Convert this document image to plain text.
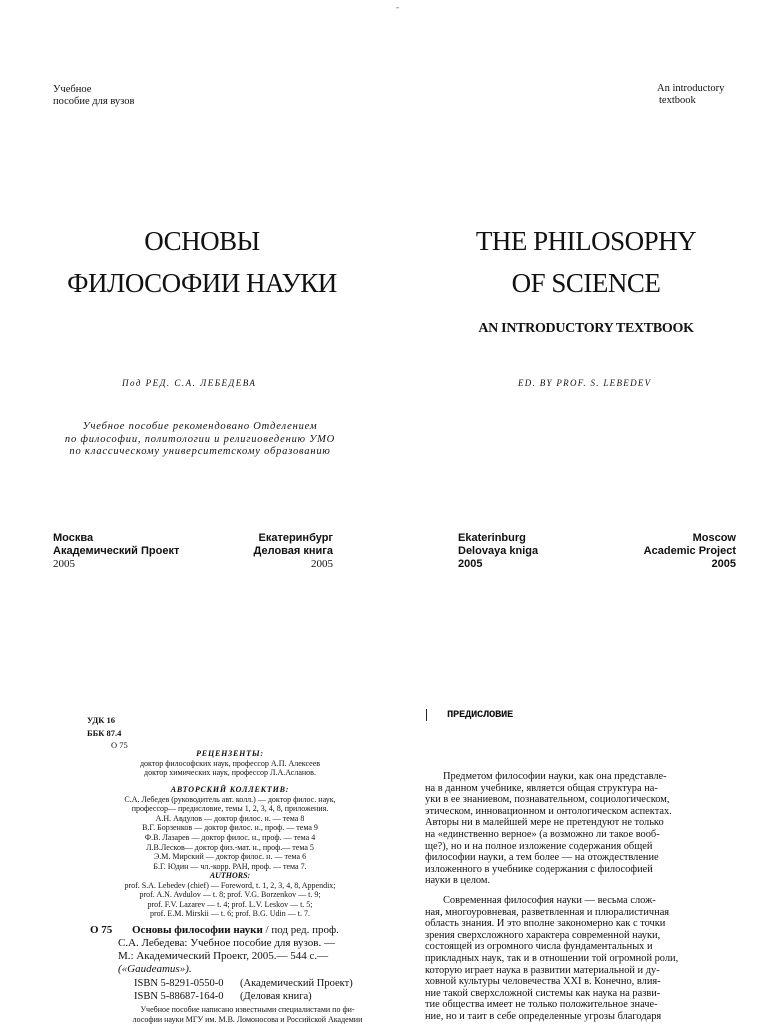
-
Учебное
пособие для вузов
ОСНОВЫ
ФИЛОСОФИИ НАУКИ
Под РЕД. С.А. ЛЕБЕДЕВА
Учебное пособие рекомендовано Отделением
по философии, политологии и религиоведению УМО
по классическому университетскому образованию
Москва
Академический Проект
2005
Екатеринбург
Деловая книга
2005
An introductory
textbook
THE PHILOSOPHY
OF SCIENCE
AN INTRODUCTORY TEXTBOOK
ED. BY PROF. S. LEBEDEV
Ekaterinburg
Delovaya kniga
2005
Moscow
Academic Project
2005
УДК 16
ББК 87.4
О 75
РЕЦЕНЗЕНТЫ:
доктор философских наук, профессор А.П. Алексеев
доктор химических наук, профессор Л.А.Асланов.
АВТОРСКИЙ КОЛЛЕКТИВ:
С.А. Лебедев (руководитель авт. колл.) — доктор филос. наук,
профессор— предисловие, темы 1, 2, 3, 4, 8, приложения.
А.Н. Авдулов — доктор филос. н. — тема 8
В.Г. Борзенков — доктор филос. н., проф. — тема 9
Ф.В. Лазарев — доктор филос. н., проф. — тема 4
Л.В.Лесков— доктор физ.-мат. н., проф.— тема 5
Э.М. Мирский — доктор филос. н. — тема 6
Б.Г. Юдин — чл.-корр. РАН, проф. — тема 7.
AUTHORS:
prof. S.A. Lebedev (chief) — Foreword, t. 1, 2, 3, 4, 8, Appendix;
prof. A.N. Avdulov — t. 8; prof. V.G. Borzenkov — t. 9;
prof. F.V. Lazarev — t. 4; prof. L.V. Leskov — t. 5;
prof. E.M. Mirskii — t. 6; prof. B.G. Udin — t. 7.
О 75 Основы философии науки / под ред. проф.
С.А. Лебедева: Учебное пособие для вузов. —
М.: Академический Проект, 2005.— 544 с.—
(«Gaudeamus»).
ISBN 5-8291-0550-0 (Академический Проект)
ISBN 5-88687-164-0 (Деловая книга)
Учебное пособие написано известными специалистами по фи-
лософии науки МГУ им. М.В. Ломоносова и Российской Академии
ПРЕДИСЛОВИЕ
Предметом философии науки, как она представле-
на в данном учебнике, является общая структура на-
уки в ее знаниевом, познавательном, социологическом,
этическом, инновационном и онтологическом аспектах.
Авторы ни в малейшей мере не претендуют не только
на «единственно верное» (а возможно ли такое вооб-
ще?), но и на полное изложение содержания общей
философии науки, а тем более — на отождествление
изложенного в учебнике содержания с философией
науки в целом.
Современная философия науки — весьма слож-
ная, многоуровневая, разветвленная и плюралистичная
область знания. И это вполне закономерно как с точки
зрения сверхсложного характера современной науки,
состоящей из огромного числа фундаментальных и
прикладных наук, так и в отношении той огромной роли,
которую играет наука в развитии материальной и ду-
ховной культуры человечества XXI в. Конечно, влия-
ние такой сверхсложной системы как наука на разви-
тие общества имеет не только положительное значе-
ние, но и таит в себе определенные угрозы благодаря
